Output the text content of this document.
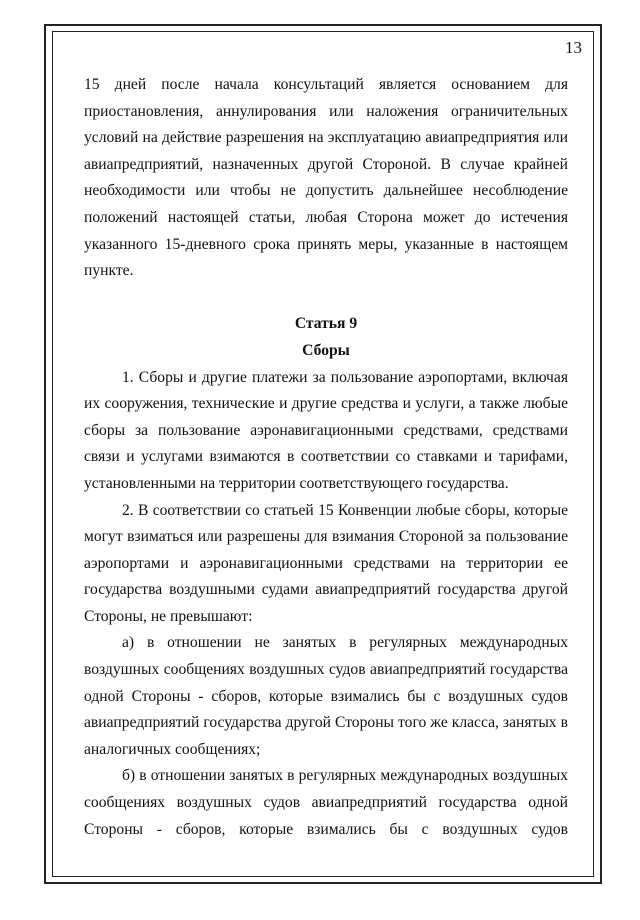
13
15 дней после начала консультаций является основанием для
приостановления, аннулирования или наложения ограничительных
условий на действие разрешения на эксплуатацию авиапредприятия или
авиапредприятий, назначенных другой Стороной. В случае крайней
необходимости или чтобы не допустить дальнейшее несоблюдение
положений настоящей статьи, любая Сторона может до истечения
указанного 15-дневного срока принять меры, указанные в настоящем
пункте.
Статья 9
Сборы
1. Сборы и другие платежи за пользование аэропортами, включая
их сооружения, технические и другие средства и услуги, а также любые
сборы за пользование аэронавигационными средствами, средствами
связи и услугами взимаются в соответствии со ставками и тарифами,
установленными на территории соответствующего государства.
2. В соответствии со статьей 15 Конвенции любые сборы, которые
могут взиматься или разрешены для взимания Стороной за пользование
аэропортами и аэронавигационными средствами на территории ее
государства воздушными судами авиапредприятий государства другой
Стороны, не превышают:
а) в отношении не занятых в регулярных международных
воздушных сообщениях воздушных судов авиапредприятий государства
одной Стороны - сборов, которые взимались бы с воздушных судов
авиапредприятий государства другой Стороны того же класса, занятых в
аналогичных сообщениях;
б) в отношении занятых в регулярных международных воздушных
сообщениях воздушных судов авиапредприятий государства одной
Стороны - сборов, которые взимались бы с воздушных судов
